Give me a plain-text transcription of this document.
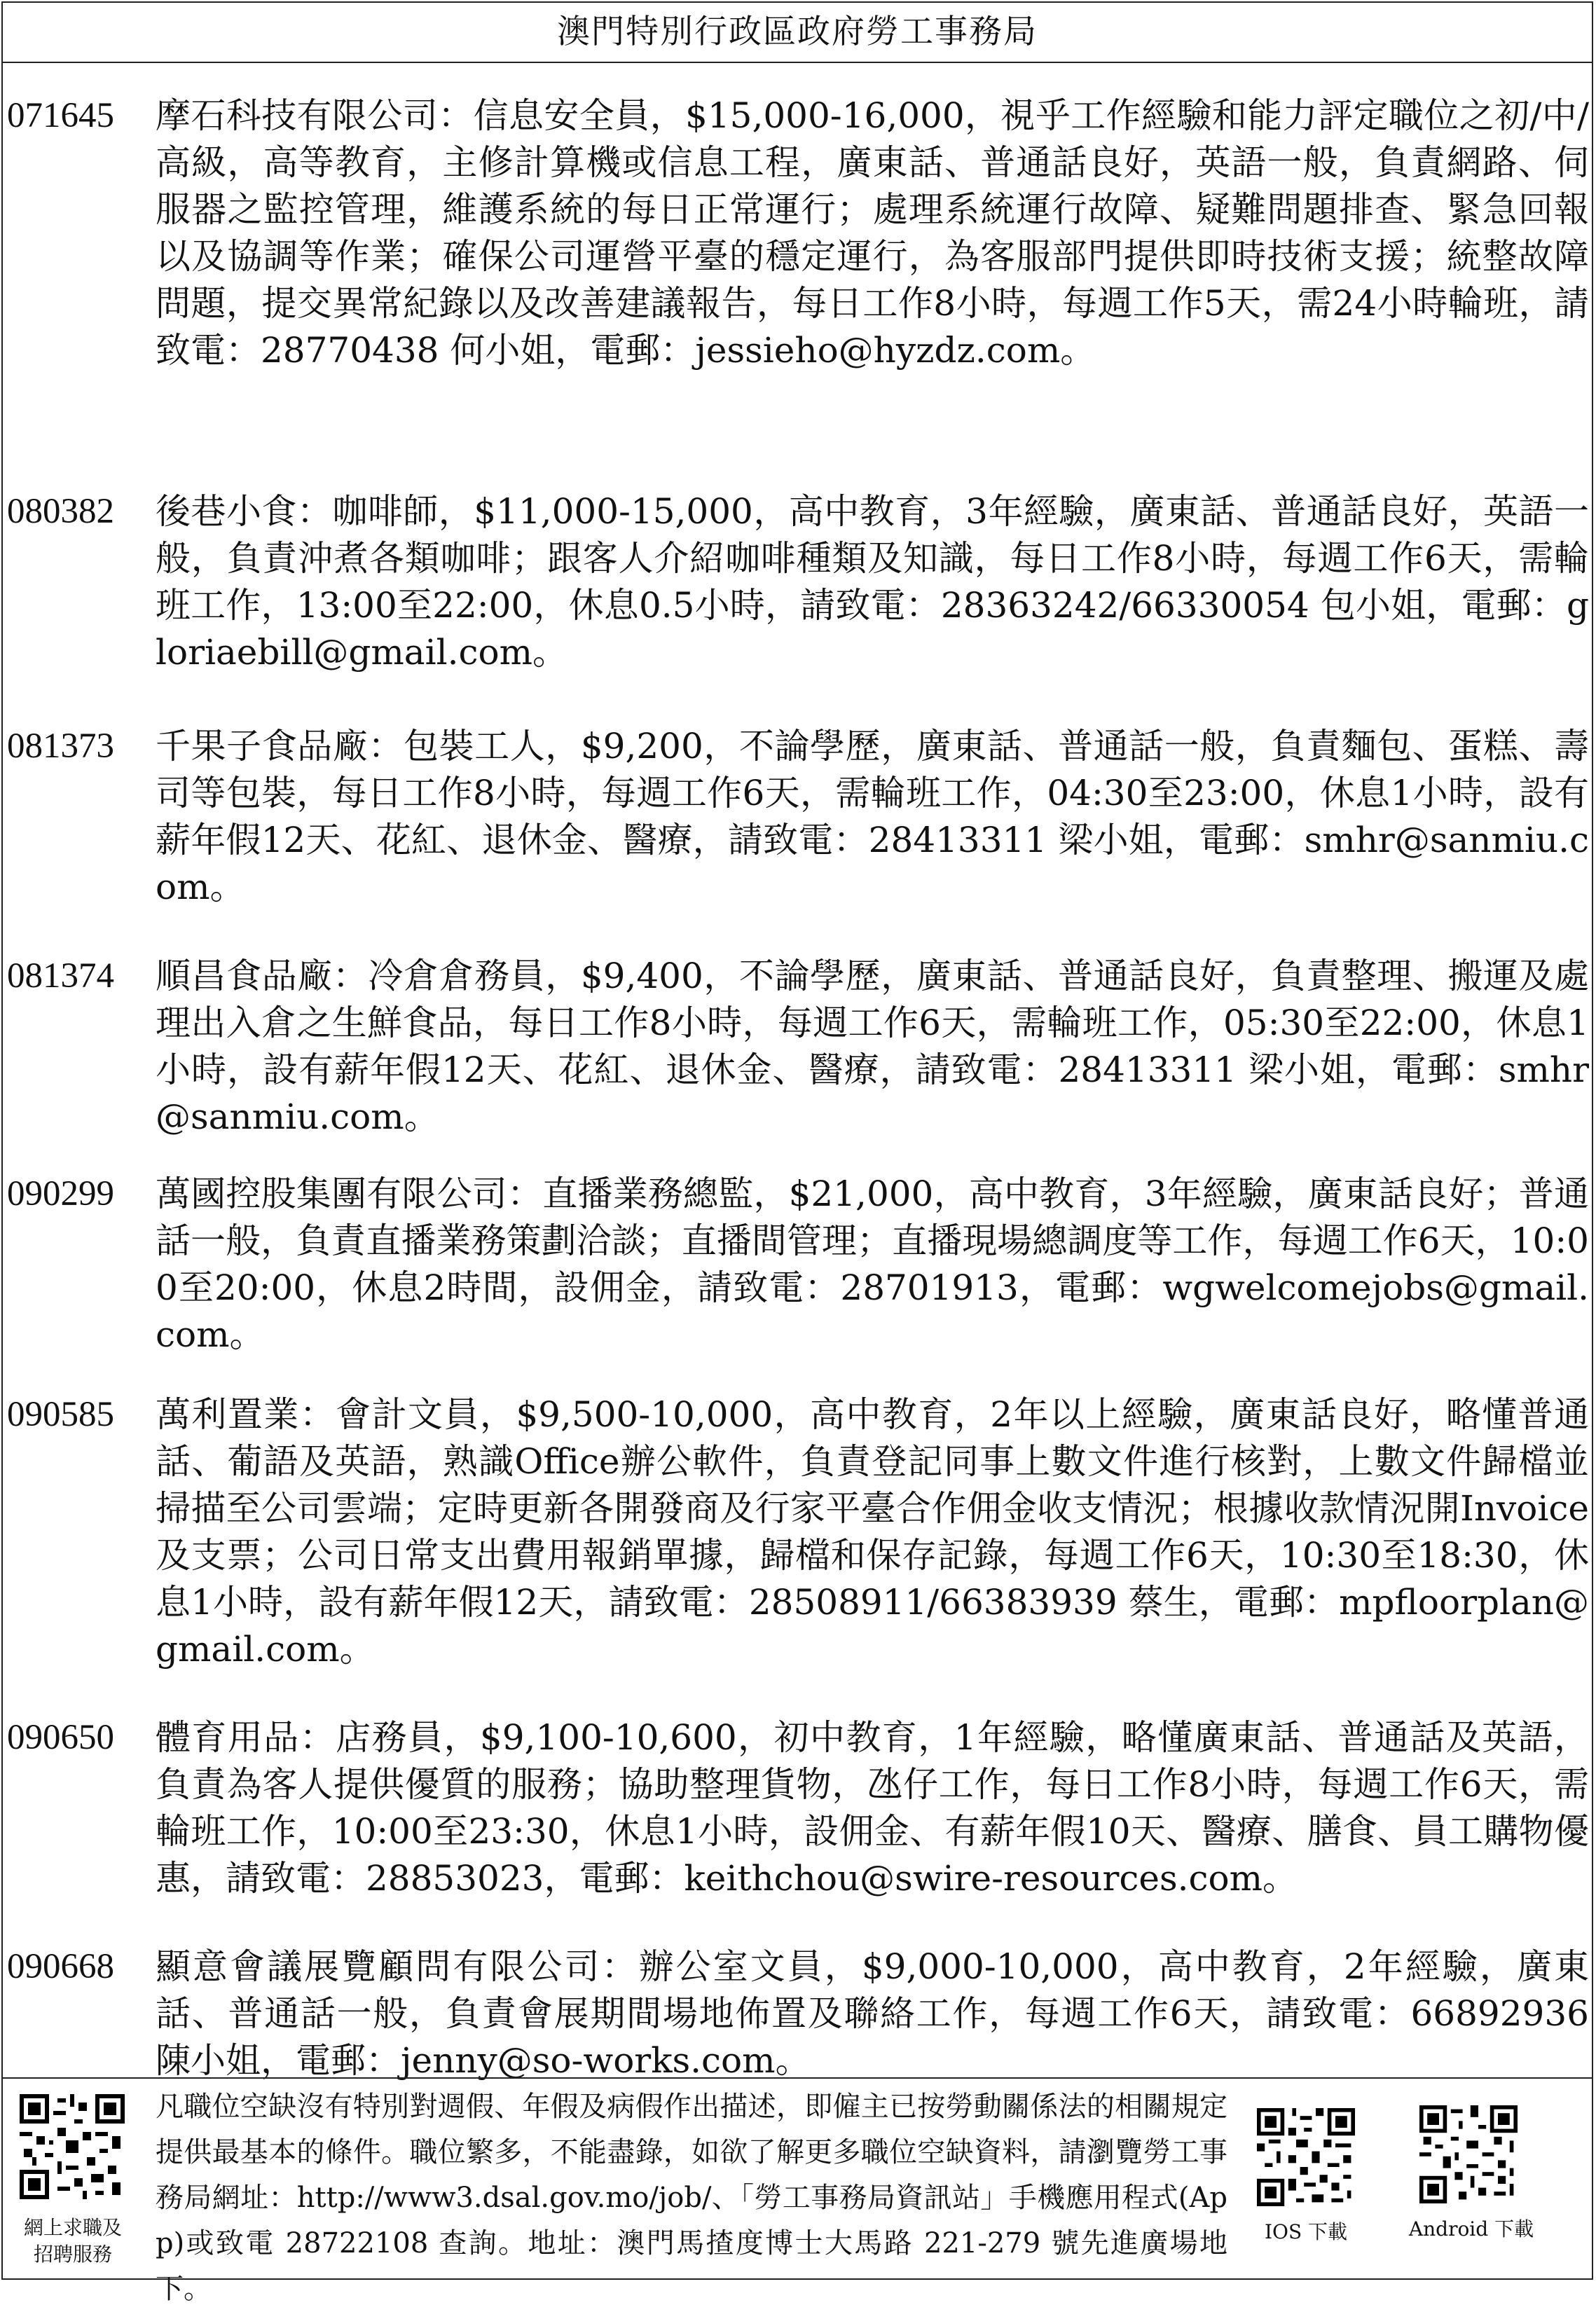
澳門特別行政區政府勞工事務局
071645	摩石科技有限公司：信息安全員，$15,000-16,000，視乎工作經驗和能力評定職位之初/中/高級，高等教育，主修計算機或信息工程，廣東話、普通話良好，英語一般，負責網路、伺服器之監控管理，維護系統的每日正常運行；處理系統運行故障、疑難問題排查、緊急回報以及協調等作業；確保公司運營平臺的穩定運行，為客服部門提供即時技術支援；統整故障問題，提交異常紀錄以及改善建議報告，每日工作8小時，每週工作5天，需24小時輪班，請致電：28770438 何小姐，電郵：jessieho@hyzdz.com。
080382	後巷小食：咖啡師，$11,000-15,000，高中教育，3年經驗，廣東話、普通話良好，英語一般，負責沖煮各類咖啡；跟客人介紹咖啡種類及知識，每日工作8小時，每週工作6天，需輪班工作，13:00至22:00，休息0.5小時，請致電：28363242/66330054 包小姐，電郵：gloriaebill@gmail.com。
081373	千果子食品廠：包裝工人，$9,200，不論學歷，廣東話、普通話一般，負責麵包、蛋糕、壽司等包裝，每日工作8小時，每週工作6天，需輪班工作，04:30至23:00，休息1小時，設有薪年假12天、花紅、退休金、醫療，請致電：28413311 梁小姐，電郵：smhr@sanmiu.com。
081374	順昌食品廠：冷倉倉務員，$9,400，不論學歷，廣東話、普通話良好，負責整理、搬運及處理出入倉之生鮮食品，每日工作8小時，每週工作6天，需輪班工作，05:30至22:00，休息1小時，設有薪年假12天、花紅、退休金、醫療，請致電：28413311 梁小姐，電郵：smhr@sanmiu.com。
090299	萬國控股集團有限公司：直播業務總監，$21,000，高中教育，3年經驗，廣東話良好；普通話一般，負責直播業務策劃洽談；直播間管理；直播現場總調度等工作，每週工作6天，10:00至20:00，休息2時間，設佣金，請致電：28701913，電郵：wgwelcomejobs@gmail.com。
090585	萬利置業：會計文員，$9,500-10,000，高中教育，2年以上經驗，廣東話良好，略懂普通話、葡語及英語，熟識Office辦公軟件，負責登記同事上數文件進行核對，上數文件歸檔並掃描至公司雲端；定時更新各開發商及行家平臺合作佣金收支情況；根據收款情況開Invoice及支票；公司日常支出費用報銷單據，歸檔和保存記錄，每週工作6天，10:30至18:30，休息1小時，設有薪年假12天，請致電：28508911/66383939 蔡生，電郵：mpfloorplan@gmail.com。
090650	體育用品：店務員，$9,100-10,600，初中教育，1年經驗，略懂廣東話、普通話及英語，負責為客人提供優質的服務；協助整理貨物，氹仔工作，每日工作8小時，每週工作6天，需輪班工作，10:00至23:30，休息1小時，設佣金、有薪年假10天、醫療、膳食、員工購物優惠，請致電：28853023，電郵：keithchou@swire-resources.com。
090668	顯意會議展覽顧問有限公司：辦公室文員，$9,000-10,000，高中教育，2年經驗，廣東話、普通話一般，負責會展期間場地佈置及聯絡工作，每週工作6天，請致電：66892936 陳小姐，電郵：jenny@so-works.com。
網上求職及
招聘服務
凡職位空缺沒有特別對週假、年假及病假作出描述，即僱主已按勞動關係法的相關規定提供最基本的條件。職位繁多，不能盡錄，如欲了解更多職位空缺資料，請瀏覽勞工事務局網址：http://www3.dsal.gov.mo/job/、「勞工事務局資訊站」手機應用程式(App)或致電 28722108 查詢。地址：澳門馬揸度博士大馬路 221-279 號先進廣場地下。
IOS 下載	Android 下載
